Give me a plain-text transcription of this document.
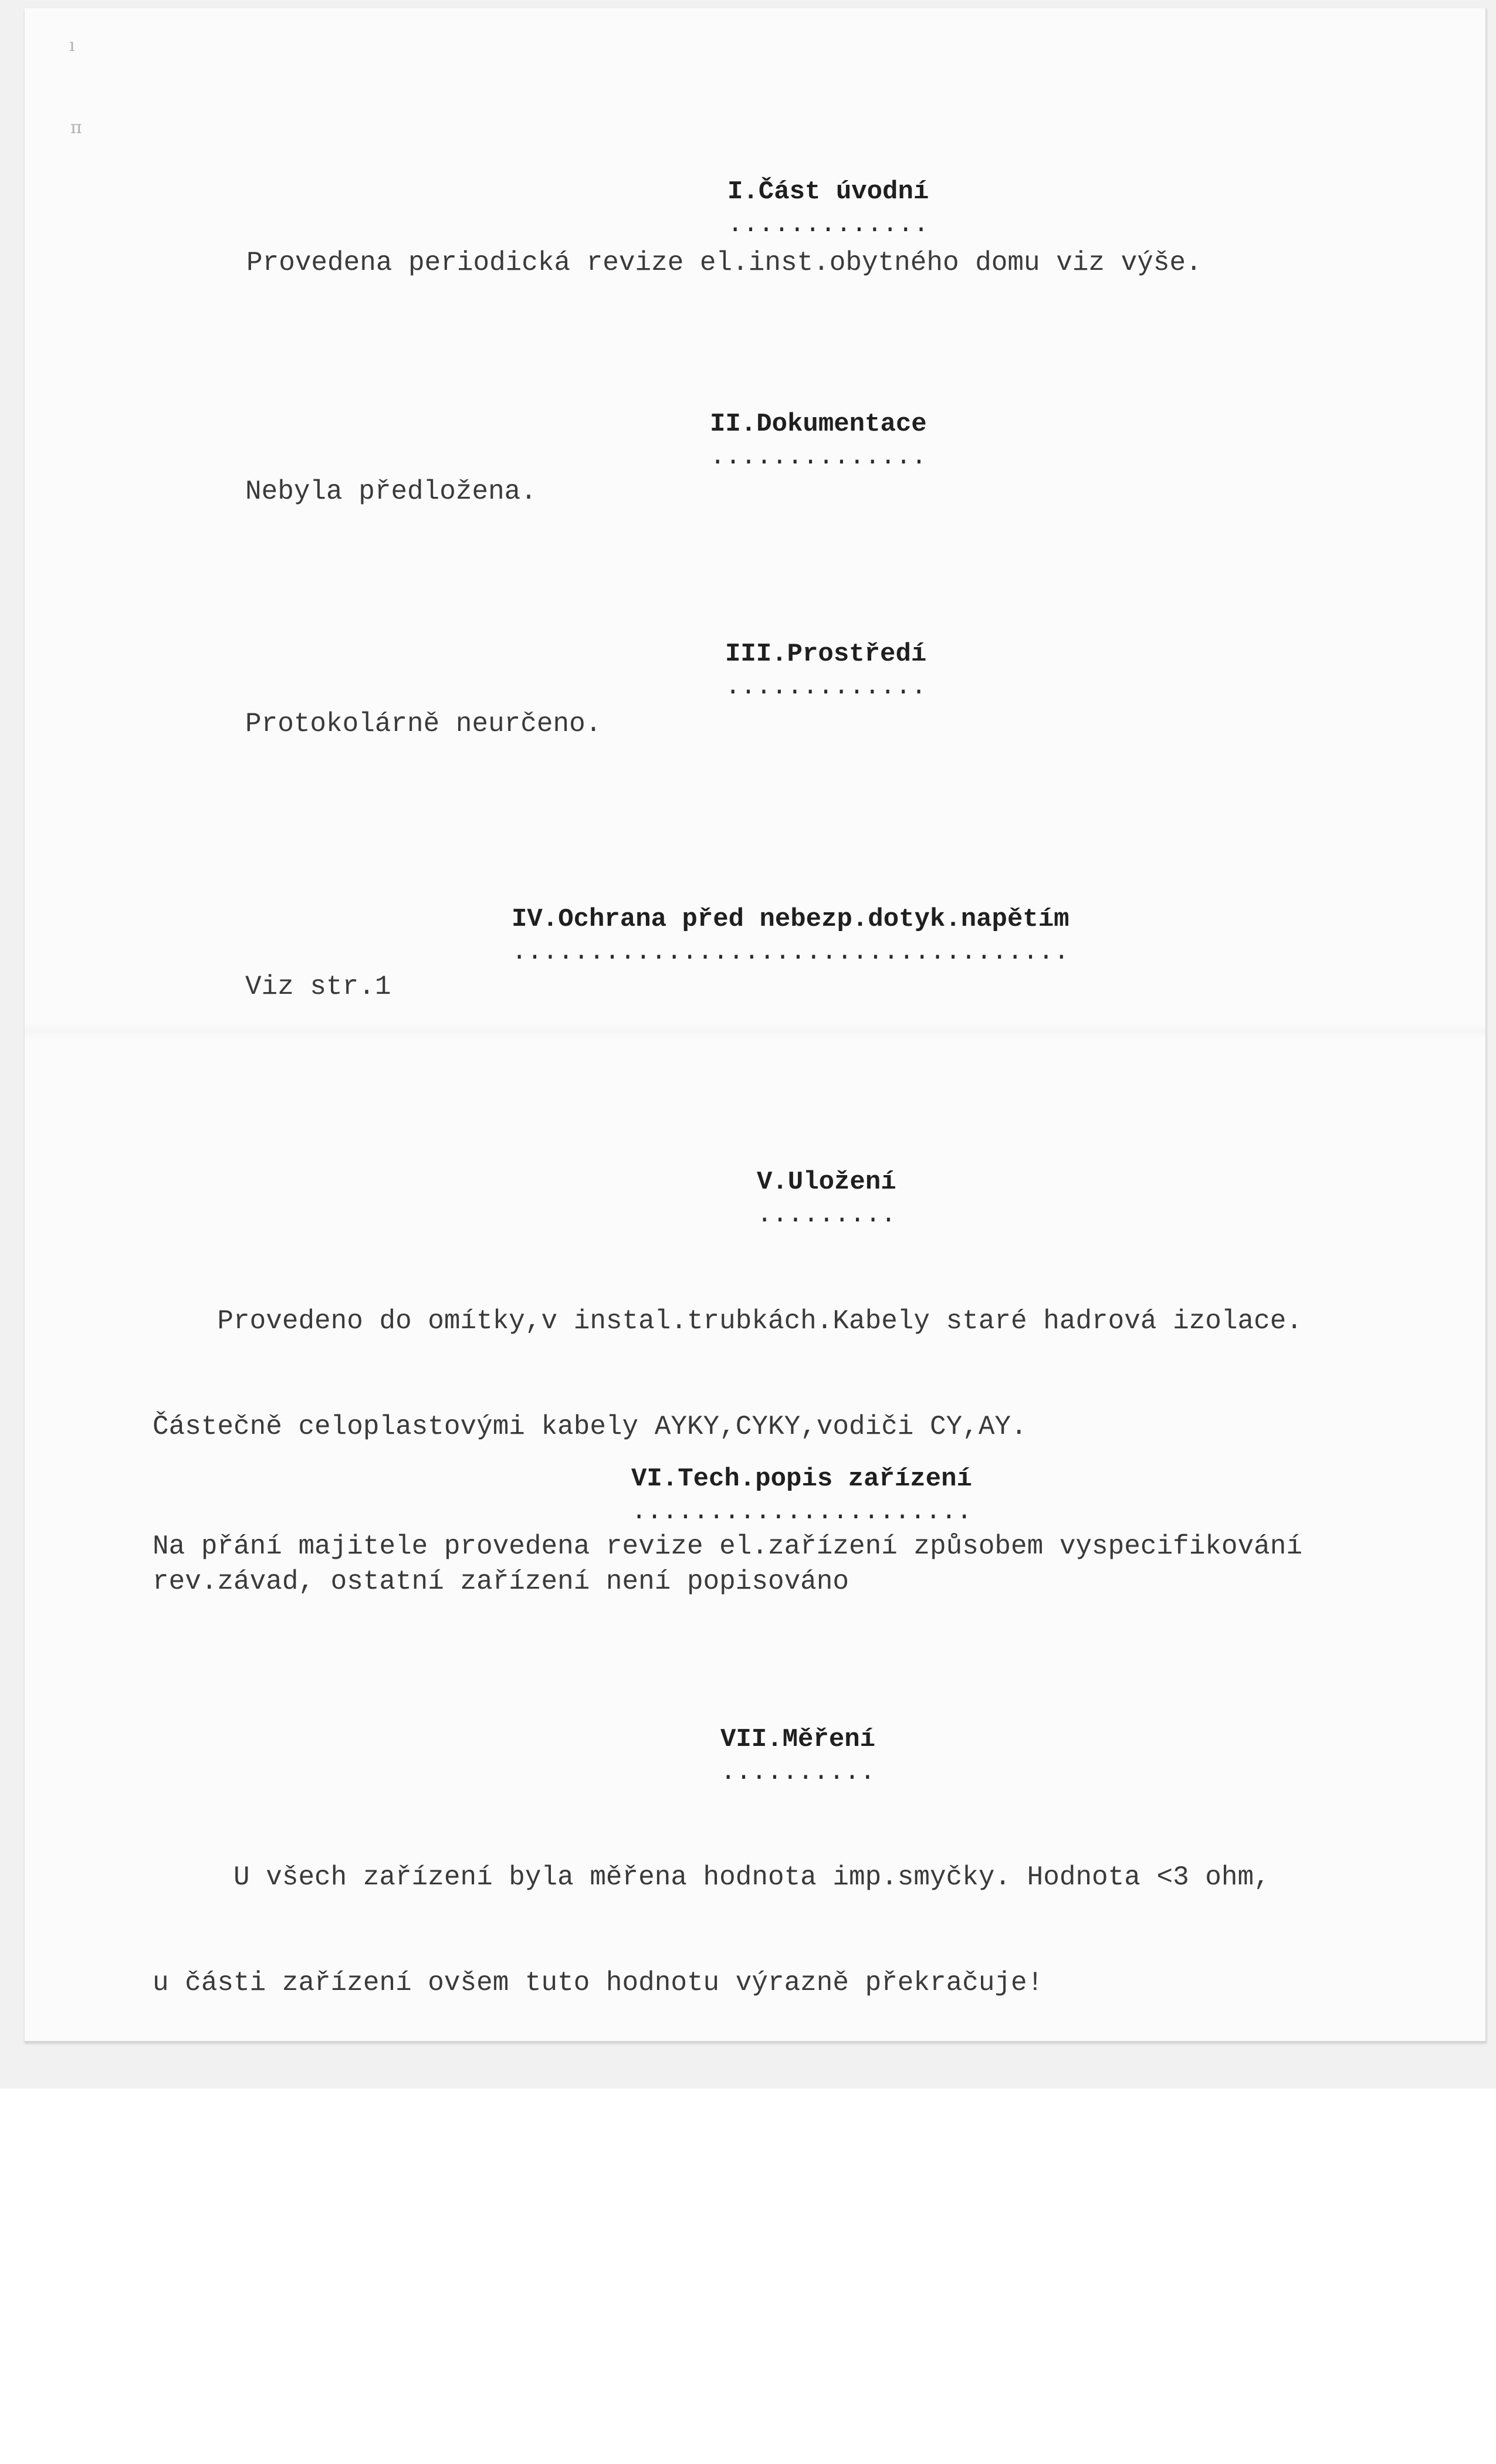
ı
π
I.Část úvodní
.............
Provedena periodická revize el.inst.obytného domu viz výše.
II.Dokumentace
..............
Nebyla předložena.
III.Prostředí
.............
Protokolárně neurčeno.
IV.Ochrana před nebezp.dotyk.napětím
....................................
Viz str.1
V.Uložení
.........

Provedeno do omítky,v instal.trubkách.Kabely staré hadrová izolace.

Částečně celoplastovými kabely AYKY,CYKY,vodiči CY,AY.

VI.Tech.popis zařízení
......................
Na přání majitele provedena revize el.zařízení způsobem vyspecifikování
rev.závad, ostatní zařízení není popisováno
VII.Měření
..........

U všech zařízení byla měřena hodnota imp.smyčky. Hodnota <3 ohm,

u části zařízení ovšem tuto hodnotu výrazně překračuje!
